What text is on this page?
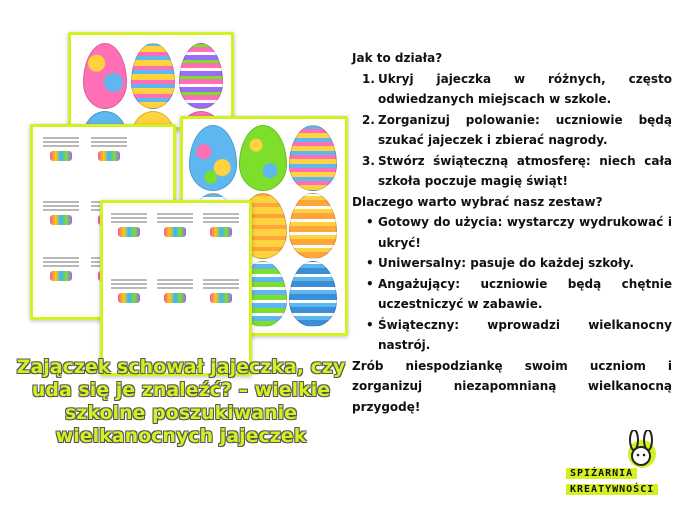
Zajączek schował jajeczka, czy uda się je znaleźć? – wielkie szkolne poszukiwanie wielkanocnych jajeczek

Jak to działa?

1. Ukryj jajeczka w różnych, często odwiedzanych miejscach w szkole.
2. Zorganizuj polowanie: uczniowie będą szukać jajeczek i zbierać nagrody.
3. Stwórz świąteczną atmosferę: niech cała szkoła poczuje magię świąt!

Dlaczego warto wybrać nasz zestaw?

• Gotowy do użycia: wystarczy wydrukować i ukryć!
• Uniwersalny: pasuje do każdej szkoły.
• Angażujący: uczniowie będą chętnie uczestniczyć w zabawie.
• Świąteczny: wprowadzi wielkanocny nastrój.

Zrób niespodziankę swoim uczniom i zorganizuj niezapomnianą wielkanocną przygodę!

SPIŻARNIA
KREATYWNOŚCI
